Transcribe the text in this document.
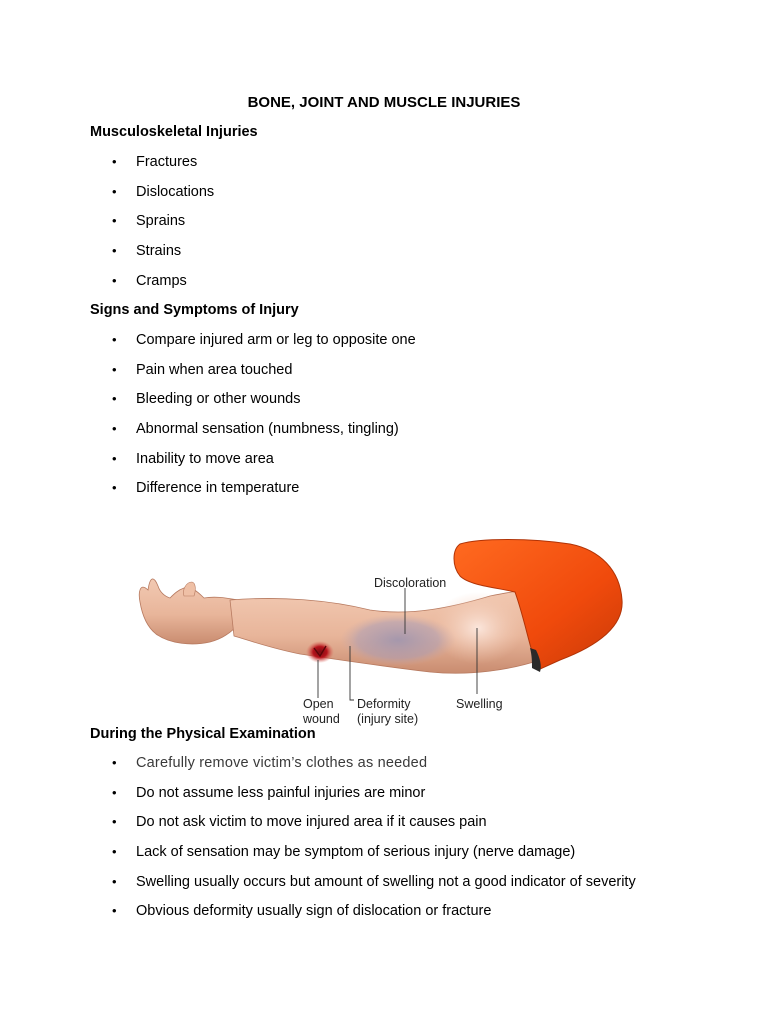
BONE, JOINT AND MUSCLE INJURIES
Musculoskeletal Injuries
• Fractures
• Dislocations
• Sprains
• Strains
• Cramps
Signs and Symptoms of Injury
• Compare injured arm or leg to opposite one
• Pain when area touched
• Bleeding or other wounds
• Abnormal sensation (numbness, tingling)
• Inability to move area
• Difference in temperature
Discoloration
Open
wound
Deformity
(injury site)
Swelling
During the Physical Examination
• Carefully remove victim’s clothes as needed
• Do not assume less painful injuries are minor
• Do not ask victim to move injured area if it causes pain
• Lack of sensation may be symptom of serious injury (nerve damage)
• Swelling usually occurs but amount of swelling not a good indicator of severity
• Obvious deformity usually sign of dislocation or fracture
